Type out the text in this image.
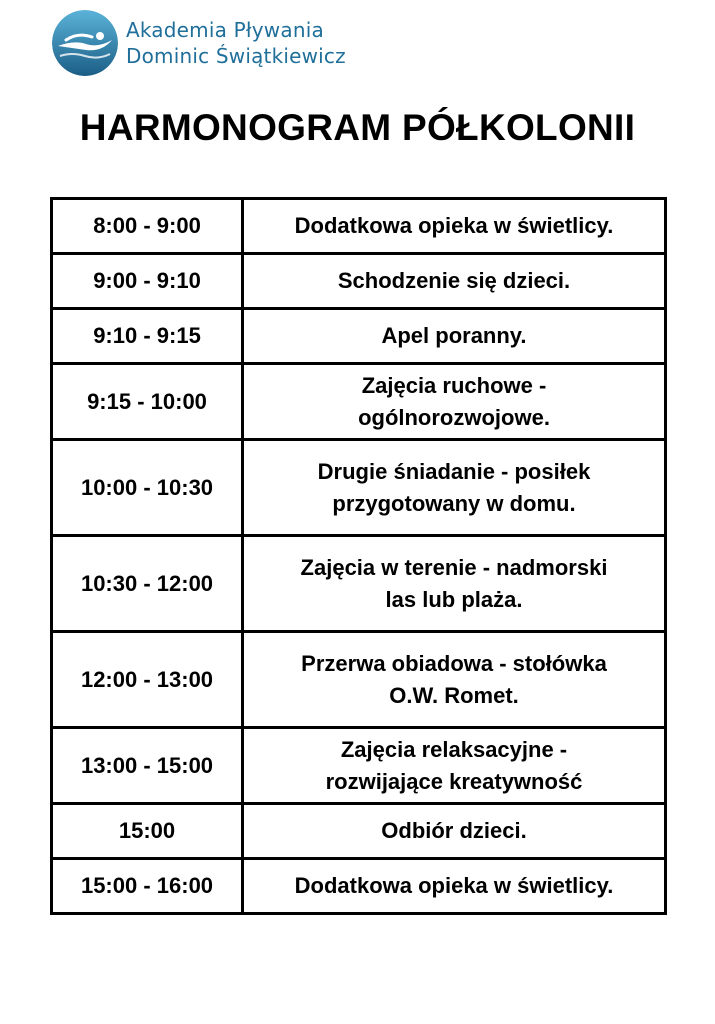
Akademia Pływania
Dominic Świątkiewicz
HARMONOGRAM PÓŁKOLONII
8:00 - 9:00	Dodatkowa opieka w świetlicy.
9:00 - 9:10	Schodzenie się dzieci.
9:10 - 9:15	Apel poranny.
9:15 - 10:00	Zajęcia ruchowe -
ogólnorozwojowe.
10:00 - 10:30	Drugie śniadanie - posiłek
przygotowany w domu.
10:30 - 12:00	Zajęcia w terenie - nadmorski
las lub plaża.
12:00 - 13:00	Przerwa obiadowa - stołówka
O.W. Romet.
13:00 - 15:00	Zajęcia relaksacyjne -
rozwijające kreatywność
15:00	Odbiór dzieci.
15:00 - 16:00	Dodatkowa opieka w świetlicy.
